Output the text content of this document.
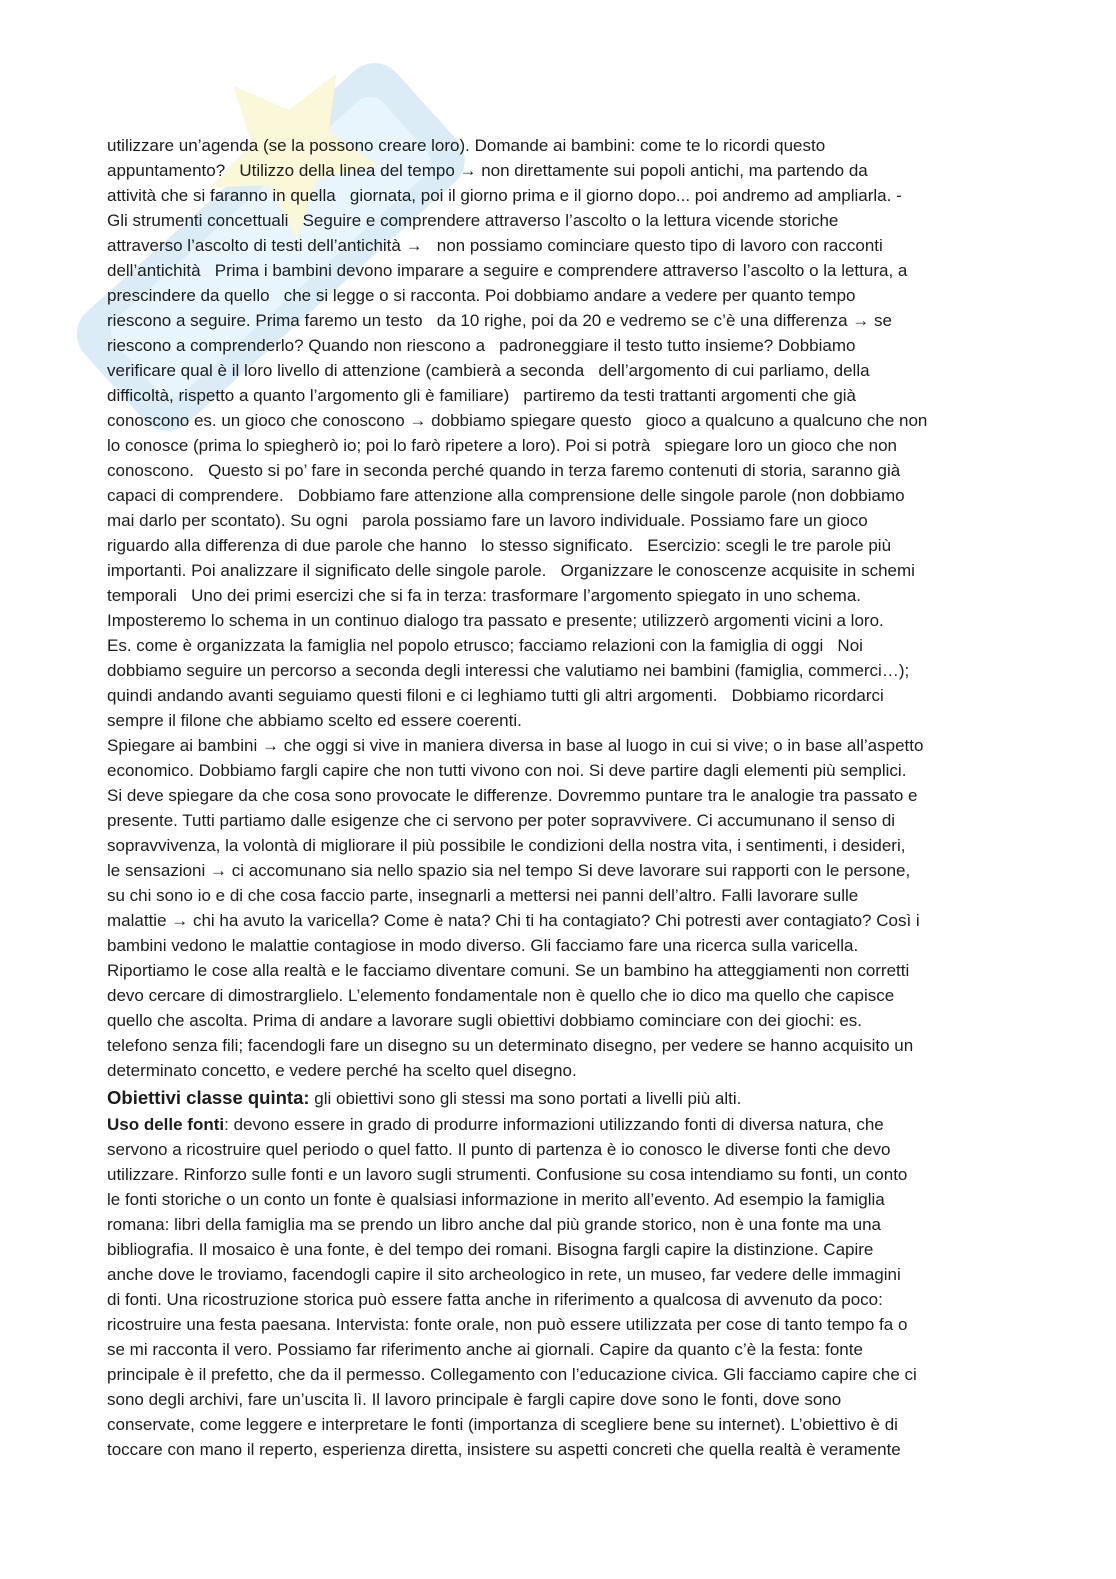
utilizzare un’agenda (se la possono creare loro). Domande ai bambini: come te lo ricordi questo
appuntamento?   Utilizzo della linea del tempo → non direttamente sui popoli antichi, ma partendo da
attività che si faranno in quella   giornata, poi il giorno prima e il giorno dopo... poi andremo ad ampliarla. -
Gli strumenti concettuali   Seguire e comprendere attraverso l’ascolto o la lettura vicende storiche
attraverso l’ascolto di testi dell’antichità →   non possiamo cominciare questo tipo di lavoro con racconti
dell’antichità   Prima i bambini devono imparare a seguire e comprendere attraverso l’ascolto o la lettura, a
prescindere da quello   che si legge o si racconta. Poi dobbiamo andare a vedere per quanto tempo
riescono a seguire. Prima faremo un testo   da 10 righe, poi da 20 e vedremo se c’è una differenza → se
riescono a comprenderlo? Quando non riescono a   padroneggiare il testo tutto insieme? Dobbiamo
verificare qual è il loro livello di attenzione (cambierà a seconda   dell’argomento di cui parliamo, della
difficoltà, rispetto a quanto l’argomento gli è familiare)   partiremo da testi trattanti argomenti che già
conoscono es. un gioco che conoscono → dobbiamo spiegare questo   gioco a qualcuno a qualcuno che non
lo conosce (prima lo spiegherò io; poi lo farò ripetere a loro). Poi si potrà   spiegare loro un gioco che non
conoscono.   Questo si po’ fare in seconda perché quando in terza faremo contenuti di storia, saranno già
capaci di comprendere.   Dobbiamo fare attenzione alla comprensione delle singole parole (non dobbiamo
mai darlo per scontato). Su ogni   parola possiamo fare un lavoro individuale. Possiamo fare un gioco
riguardo alla differenza di due parole che hanno   lo stesso significato.   Esercizio: scegli le tre parole più
importanti. Poi analizzare il significato delle singole parole.   Organizzare le conoscenze acquisite in schemi
temporali   Uno dei primi esercizi che si fa in terza: trasformare l’argomento spiegato in uno schema.
Imposteremo lo schema in un continuo dialogo tra passato e presente; utilizzerò argomenti vicini a loro.
Es. come è organizzata la famiglia nel popolo etrusco; facciamo relazioni con la famiglia di oggi   Noi
dobbiamo seguire un percorso a seconda degli interessi che valutiamo nei bambini (famiglia, commerci…);
quindi andando avanti seguiamo questi filoni e ci leghiamo tutti gli altri argomenti.   Dobbiamo ricordarci
sempre il filone che abbiamo scelto ed essere coerenti.
Spiegare ai bambini → che oggi si vive in maniera diversa in base al luogo in cui si vive; o in base all’aspetto
economico. Dobbiamo fargli capire che non tutti vivono con noi. Si deve partire dagli elementi più semplici.
Si deve spiegare da che cosa sono provocate le differenze. Dovremmo puntare tra le analogie tra passato e
presente. Tutti partiamo dalle esigenze che ci servono per poter sopravvivere. Ci accumunano il senso di
sopravvivenza, la volontà di migliorare il più possibile le condizioni della nostra vita, i sentimenti, i desideri,
le sensazioni → ci accomunano sia nello spazio sia nel tempo Si deve lavorare sui rapporti con le persone,
su chi sono io e di che cosa faccio parte, insegnarli a mettersi nei panni dell’altro. Falli lavorare sulle
malattie → chi ha avuto la varicella? Come è nata? Chi ti ha contagiato? Chi potresti aver contagiato? Così i
bambini vedono le malattie contagiose in modo diverso. Gli facciamo fare una ricerca sulla varicella.
Riportiamo le cose alla realtà e le facciamo diventare comuni. Se un bambino ha atteggiamenti non corretti
devo cercare di dimostrarglielo. L’elemento fondamentale non è quello che io dico ma quello che capisce
quello che ascolta. Prima di andare a lavorare sugli obiettivi dobbiamo cominciare con dei giochi: es.
telefono senza fili; facendogli fare un disegno su un determinato disegno, per vedere se hanno acquisito un
determinato concetto, e vedere perché ha scelto quel disegno.
Obiettivi classe quinta: gli obiettivi sono gli stessi ma sono portati a livelli più alti.
Uso delle fonti: devono essere in grado di produrre informazioni utilizzando fonti di diversa natura, che
servono a ricostruire quel periodo o quel fatto. Il punto di partenza è io conosco le diverse fonti che devo
utilizzare. Rinforzo sulle fonti e un lavoro sugli strumenti. Confusione su cosa intendiamo su fonti, un conto
le fonti storiche o un conto un fonte è qualsiasi informazione in merito all’evento. Ad esempio la famiglia
romana: libri della famiglia ma se prendo un libro anche dal più grande storico, non è una fonte ma una
bibliografia. Il mosaico è una fonte, è del tempo dei romani. Bisogna fargli capire la distinzione. Capire
anche dove le troviamo, facendogli capire il sito archeologico in rete, un museo, far vedere delle immagini
di fonti. Una ricostruzione storica può essere fatta anche in riferimento a qualcosa di avvenuto da poco:
ricostruire una festa paesana. Intervista: fonte orale, non può essere utilizzata per cose di tanto tempo fa o
se mi racconta il vero. Possiamo far riferimento anche ai giornali. Capire da quanto c’è la festa: fonte
principale è il prefetto, che da il permesso. Collegamento con l’educazione civica. Gli facciamo capire che ci
sono degli archivi, fare un’uscita lì. Il lavoro principale è fargli capire dove sono le fonti, dove sono
conservate, come leggere e interpretare le fonti (importanza di scegliere bene su internet). L’obiettivo è di
toccare con mano il reperto, esperienza diretta, insistere su aspetti concreti che quella realtà è veramente
